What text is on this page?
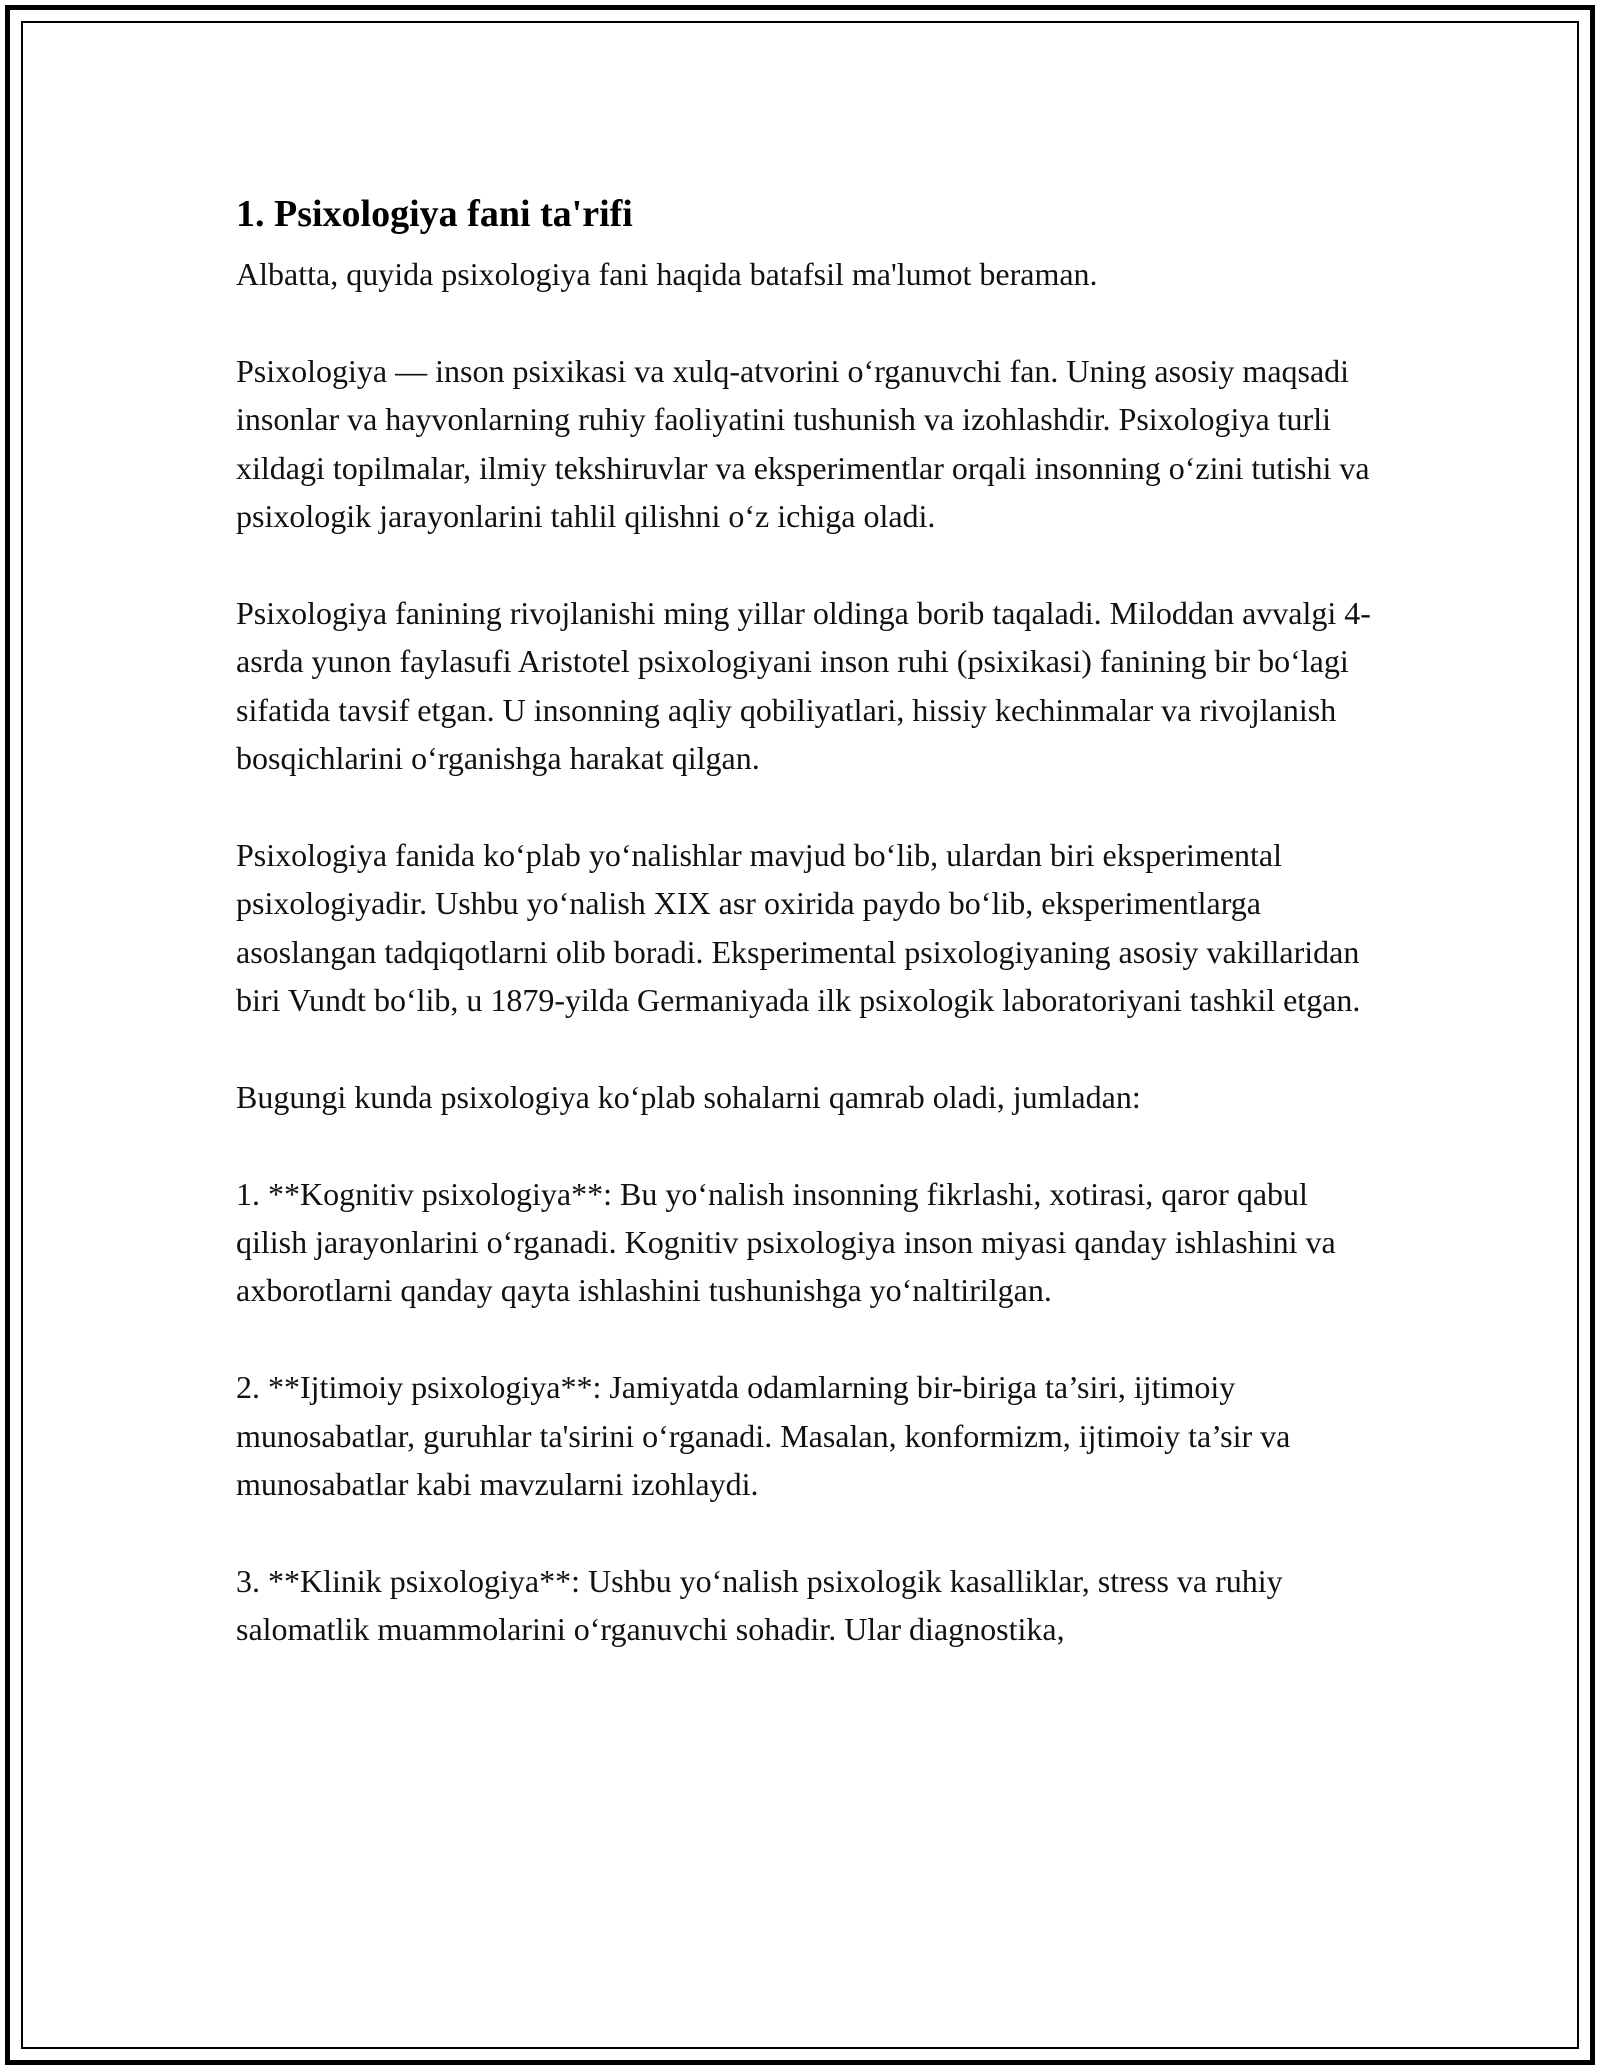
1. Psixologiya fani ta'rifi

Albatta, quyida psixologiya fani haqida batafsil ma'lumot beraman.

Psixologiya — inson psixikasi va xulq-atvorini o‘rganuvchi fan. Uning asosiy maqsadi insonlar va hayvonlarning ruhiy faoliyatini tushunish va izohlashdir. Psixologiya turli xildagi topilmalar, ilmiy tekshiruvlar va eksperimentlar orqali insonning o‘zini tutishi va psixologik jarayonlarini tahlil qilishni o‘z ichiga oladi.

Psixologiya fanining rivojlanishi ming yillar oldinga borib taqaladi. Miloddan avvalgi 4-asrda yunon faylasufi Aristotel psixologiyani inson ruhi (psixikasi) fanining bir bo‘lagi sifatida tavsif etgan. U insonning aqliy qobiliyatlari, hissiy kechinmalar va rivojlanish bosqichlarini o‘rganishga harakat qilgan.

Psixologiya fanida ko‘plab yo‘nalishlar mavjud bo‘lib, ulardan biri eksperimental psixologiyadir. Ushbu yo‘nalish XIX asr oxirida paydo bo‘lib, eksperimentlarga asoslangan tadqiqotlarni olib boradi. Eksperimental psixologiyaning asosiy vakillaridan biri Vundt bo‘lib, u 1879-yilda Germaniyada ilk psixologik laboratoriyani tashkil etgan.

Bugungi kunda psixologiya ko‘plab sohalarni qamrab oladi, jumladan:

1. **Kognitiv psixologiya**: Bu yo‘nalish insonning fikrlashi, xotirasi, qaror qabul qilish jarayonlarini o‘rganadi. Kognitiv psixologiya inson miyasi qanday ishlashini va axborotlarni qanday qayta ishlashini tushunishga yo‘naltirilgan.

2. **Ijtimoiy psixologiya**: Jamiyatda odamlarning bir-biriga ta’siri, ijtimoiy munosabatlar, guruhlar ta'sirini o‘rganadi. Masalan, konformizm, ijtimoiy ta’sir va munosabatlar kabi mavzularni izohlaydi.

3. **Klinik psixologiya**: Ushbu yo‘nalish psixologik kasalliklar, stress va ruhiy salomatlik muammolarini o‘rganuvchi sohadir. Ular diagnostika,
